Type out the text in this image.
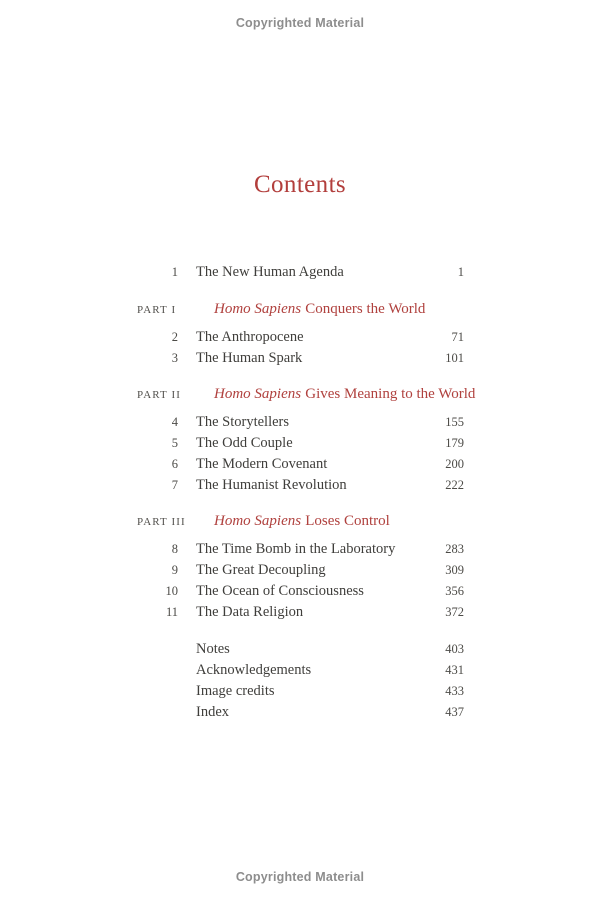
Copyrighted Material
Contents
1 The New Human Agenda	1
PART I	Homo Sapiens Conquers the World
2 The Anthropocene	71
3 The Human Spark	101
PART II	Homo Sapiens Gives Meaning to the World
4 The Storytellers	155
5 The Odd Couple	179
6 The Modern Covenant	200
7 The Humanist Revolution	222
PART III	Homo Sapiens Loses Control
8 The Time Bomb in the Laboratory	283
9 The Great Decoupling	309
10 The Ocean of Consciousness	356
11 The Data Religion	372
Notes	403
Acknowledgements	431
Image credits	433
Index	437
Copyrighted Material
